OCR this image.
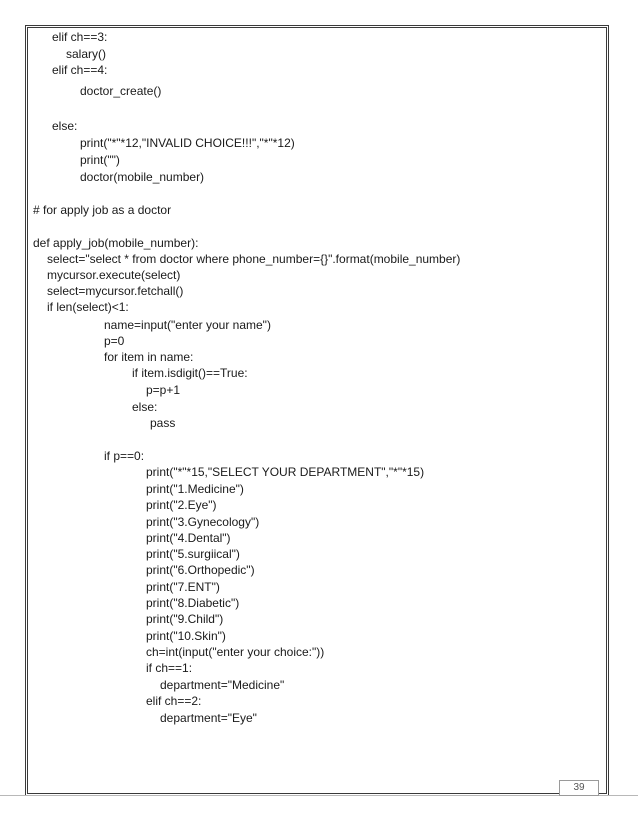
elif ch==3:
salary()
elif ch==4:
doctor_create()
else:
print("*"*12,"INVALID CHOICE!!!","*"*12)
print("")
doctor(mobile_number)
# for apply job as a doctor
def apply_job(mobile_number):
select="select * from doctor where phone_number={}".format(mobile_number)
mycursor.execute(select)
select=mycursor.fetchall()
if len(select)<1:
name=input("enter your name")
p=0
for item in name:
if item.isdigit()==True:
p=p+1
else:
pass
if p==0:
print("*"*15,"SELECT YOUR DEPARTMENT","*"*15)
print("1.Medicine")
print("2.Eye")
print("3.Gynecology")
print("4.Dental")
print("5.surgiical")
print("6.Orthopedic")
print("7.ENT")
print("8.Diabetic")
print("9.Child")
print("10.Skin")
ch=int(input("enter your choice:"))
if ch==1:
department="Medicine"
elif ch==2:
department="Eye"
39
